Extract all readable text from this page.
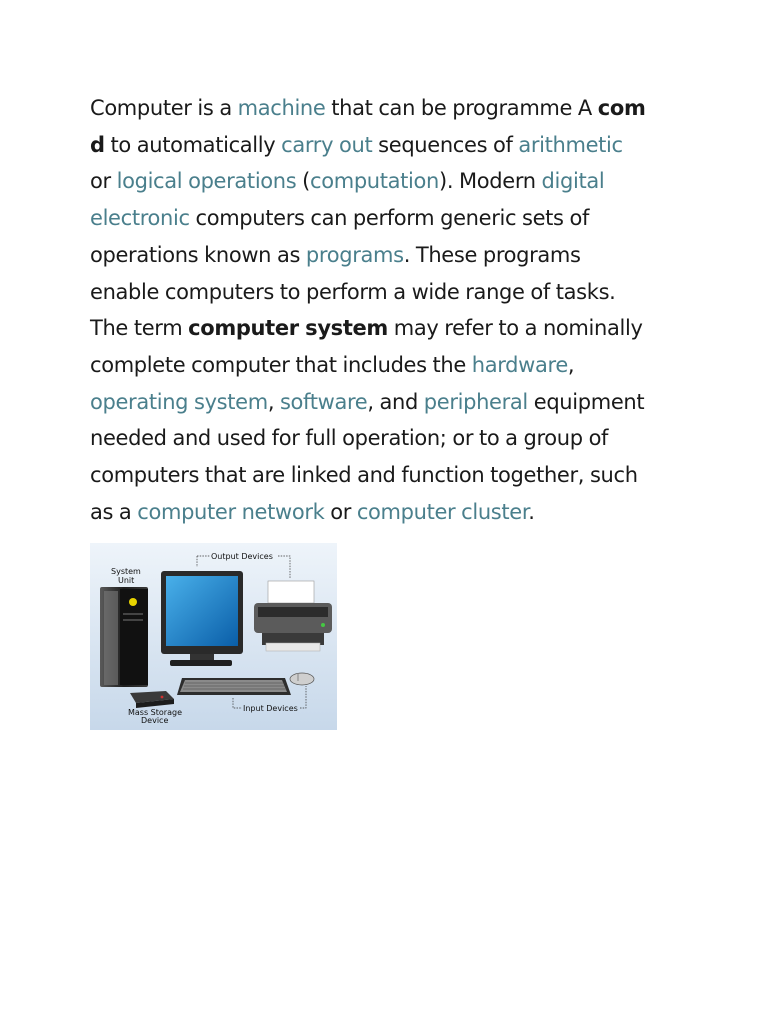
Computer is a machine that can be programme A com
d to automatically carry out sequences of arithmetic
or logical operations (computation). Modern digital
electronic computers can perform generic sets of
operations known as programs. These programs
enable computers to perform a wide range of tasks.
The term computer system may refer to a nominally
complete computer that includes the hardware,
operating system, software, and peripheral equipment
needed and used for full operation; or to a group of
computers that are linked and function together, such
as a computer network or computer cluster.
System
Unit
Output Devices
Input Devices
Mass Storage
Device
